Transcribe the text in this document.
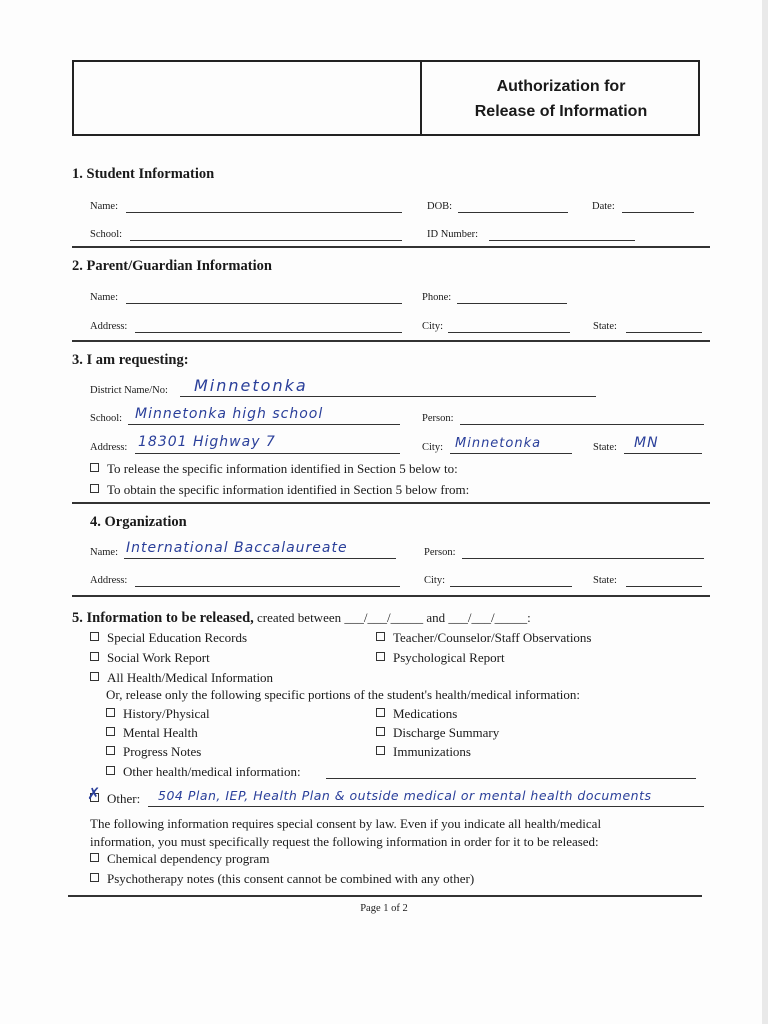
Authorization for
Release of Information
1. Student Information
Name:	DOB:	Date:
School:	ID Number:
2. Parent/Guardian Information
Name:	Phone:
Address:	City:	State:
3. I am requesting:
District Name/No: Minnetonka
School: Minnetonka high school	Person:
Address: 18301 Highway 7	City: Minnetonka	State: MN
To release the specific information identified in Section 5 below to:
To obtain the specific information identified in Section 5 below from:
4. Organization
Name: International Baccalaureate	Person:
Address:	City:	State:
5. Information to be released, created between ___/___/_____ and ___/___/_____:
Special Education Records	Teacher/Counselor/Staff Observations
Social Work Report	Psychological Report
All Health/Medical Information
Or, release only the following specific portions of the student's health/medical information:
History/Physical	Medications
Mental Health	Discharge Summary
Progress Notes	Immunizations
Other health/medical information:
Other:
✗	504 Plan, IEP, Health Plan & outside medical or mental health documents
The following information requires special consent by law. Even if you indicate all health/medical
information, you must specifically request the following information in order for it to be released:
Chemical dependency program
Psychotherapy notes (this consent cannot be combined with any other)
Page 1 of 2
